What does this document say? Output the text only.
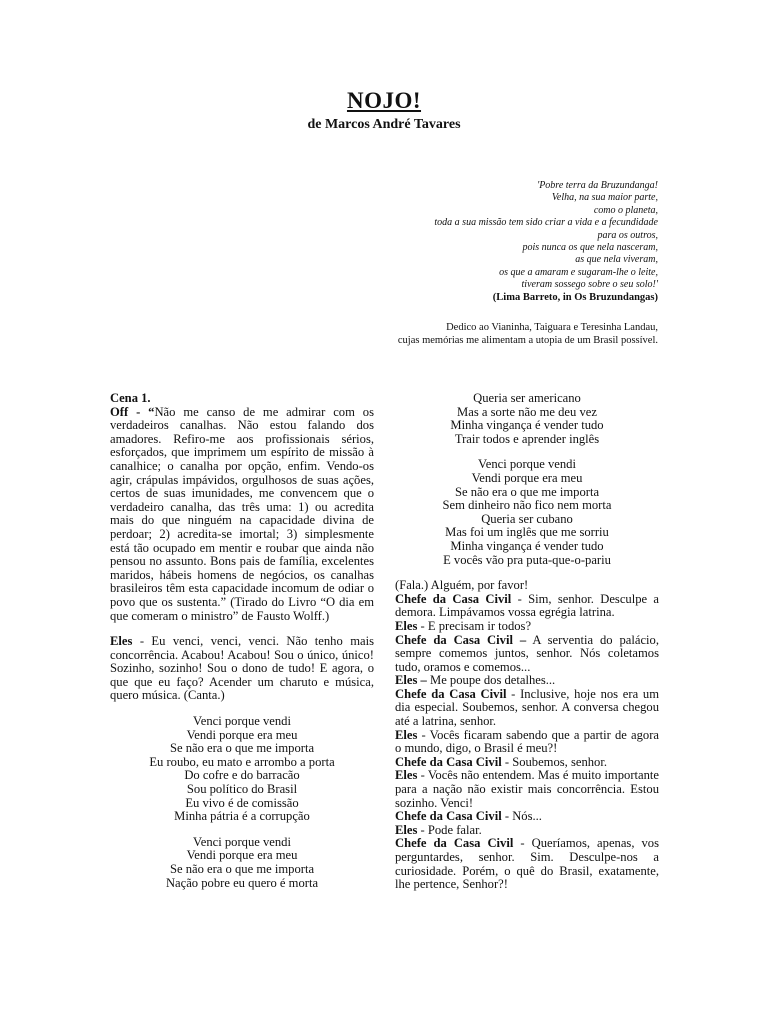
NOJO!
de Marcos André Tavares
'Pobre terra da Bruzundanga!
Velha, na sua maior parte,
como o planeta,
toda a sua missão tem sido criar a vida e a fecundidade
para os outros,
pois nunca os que nela nasceram,
as que nela viveram,
os que a amaram e sugaram-lhe o leite,
tiveram sossego sobre o seu solo!'
(Lima Barreto, in Os Bruzundangas)
Dedico ao Vianinha, Taiguara e Teresinha Landau,
cujas memórias me alimentam a utopia de um Brasil possível.

Cena 1.

Off - “Não me canso de me admirar com os verdadeiros canalhas. Não estou falando dos amadores. Refiro-me aos profissionais sérios, esforçados, que imprimem um espírito de missão à canalhice; o canalha por opção, enfim. Vendo-os agir, crápulas impávidos, orgulhosos de suas ações, certos de suas imunidades, me convencem que o verdadeiro canalha, das três uma: 1) ou acredita mais do que ninguém na capacidade divina de perdoar; 2) acredita-se imortal; 3) simplesmente está tão ocupado em mentir e roubar que ainda não pensou no assunto. Bons pais de família, excelentes maridos, hábeis homens de negócios, os canalhas brasileiros têm esta capacidade incomum de odiar o povo que os sustenta.” (Tirado do Livro “O dia em que comeram o ministro” de Fausto Wolff.)

Eles - Eu venci, venci, venci. Não tenho mais concorrência. Acabou! Acabou! Sou o único, único! Sozinho, sozinho! Sou o dono de tudo! E agora, o que que eu faço? Acender um charuto e música, quero música. (Canta.)

Venci porque vendi
Vendi porque era meu
Se não era o que me importa
Eu roubo, eu mato e arrombo a porta
Do cofre e do barracão
Sou político do Brasil
Eu vivo é de comissão
Minha pátria é a corrupção
Venci porque vendi
Vendi porque era meu
Se não era o que me importa
Nação pobre eu quero é morta
Queria ser americano
Mas a sorte não me deu vez
Minha vingança é vender tudo
Trair todos e aprender inglês
Venci porque vendi
Vendi porque era meu
Se não era o que me importa
Sem dinheiro não fico nem morta
Queria ser cubano
Mas foi um inglês que me sorriu
Minha vingança é vender tudo
E vocês vão pra puta-que-o-pariu

(Fala.) Alguém, por favor!

Chefe da Casa Civil - Sim, senhor. Desculpe a demora. Limpávamos vossa egrégia latrina.

Eles - E precisam ir todos?

Chefe da Casa Civil – A serventia do palácio, sempre comemos juntos, senhor. Nós coletamos tudo, oramos e comemos...

Eles – Me poupe dos detalhes...

Chefe da Casa Civil - Inclusive, hoje nos era um dia especial. Soubemos, senhor. A conversa chegou até a latrina, senhor.

Eles - Vocês ficaram sabendo que a partir de agora o mundo, digo, o Brasil é meu?!

Chefe da Casa Civil - Soubemos, senhor.

Eles - Vocês não entendem. Mas é muito importante para a nação não existir mais concorrência. Estou sozinho. Venci!

Chefe da Casa Civil - Nós...

Eles - Pode falar.

Chefe da Casa Civil - Queríamos, apenas, vos perguntardes, senhor. Sim. Desculpe-nos a curiosidade. Porém, o quê do Brasil, exatamente, lhe pertence, Senhor?!
